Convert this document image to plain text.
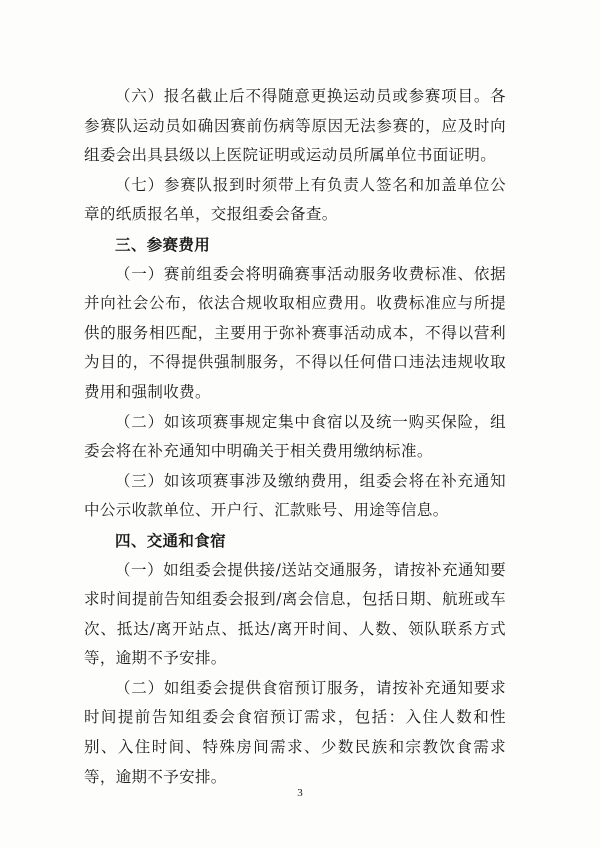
（六）报名截止后不得随意更换运动员或参赛项目。各参赛队运动员如确因赛前伤病等原因无法参赛的，应及时向组委会出具县级以上医院证明或运动员所属单位书面证明。

（七）参赛队报到时须带上有负责人签名和加盖单位公章的纸质报名单，交报组委会备查。

三、参赛费用

（一）赛前组委会将明确赛事活动服务收费标准、依据并向社会公布，依法合规收取相应费用。收费标准应与所提供的服务相匹配，主要用于弥补赛事活动成本，不得以营利为目的，不得提供强制服务，不得以任何借口违法违规收取费用和强制收费。

（二）如该项赛事规定集中食宿以及统一购买保险，组委会将在补充通知中明确关于相关费用缴纳标准。

（三）如该项赛事涉及缴纳费用，组委会将在补充通知中公示收款单位、开户行、汇款账号、用途等信息。

四、交通和食宿

（一）如组委会提供接/送站交通服务，请按补充通知要求时间提前告知组委会报到/离会信息，包括日期、航班或车次、抵达/离开站点、抵达/离开时间、人数、领队联系方式等，逾期不予安排。

（二）如组委会提供食宿预订服务，请按补充通知要求时间提前告知组委会食宿预订需求，包括：入住人数和性别、入住时间、特殊房间需求、少数民族和宗教饮食需求等，逾期不予安排。

3
